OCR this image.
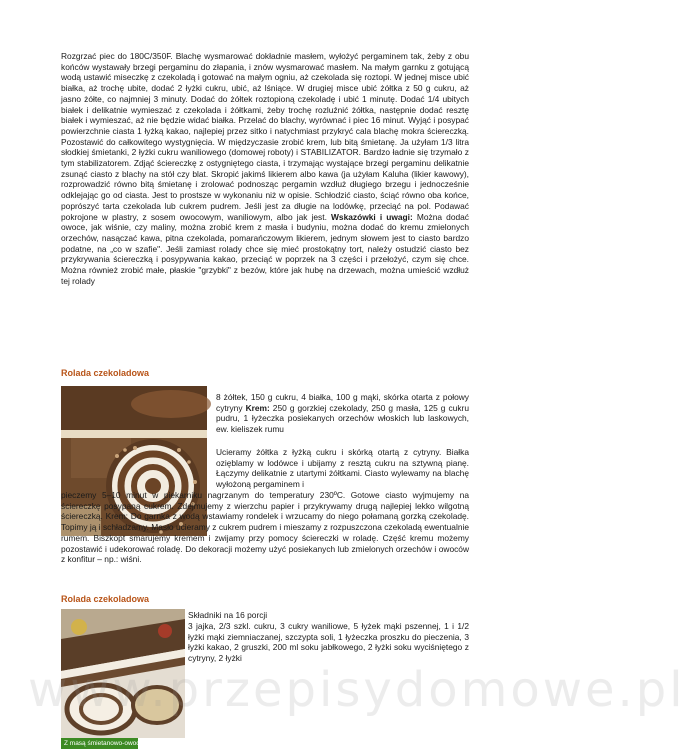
Rozgrzać piec do 180C/350F. Blachę wysmarować dokładnie masłem, wyłożyć pergaminem tak, żeby z obu końców wystawały brzegi pergaminu do złapania, i znów wysmarować masłem. Na małym garnku z gotującą wodą ustawić miseczkę z czekoladą i gotować na małym ogniu, aż czekolada się roztopi. W jednej misce ubić białka, aż trochę ubite, dodać 2 łyżki cukru, ubić, aż lśniące. W drugiej misce ubić żółtka z 50 g cukru, aż jasno żółte, co najmniej 3 minuty. Dodać do żółtek roztopioną czekoladę i ubić 1 minutę. Dodać 1/4 ubitych białek i delikatnie wymieszać z czekolada i żółtkami, żeby trochę rozluźnić żółtka, następnie dodać resztę białek i wymieszać, aż nie będzie widać białka. Przelać do blachy, wyrównać i piec 16 minut. Wyjąć i posypać powierzchnie ciasta 1 łyżką kakao, najlepiej przez sitko i natychmiast przykryć cala blachę mokra ściereczką. Pozostawić do całkowitego wystygnięcia. W międzyczasie zrobić krem, lub bitą śmietanę. Ja użyłam 1/3 litra słodkiej śmietanki, 2 łyżki cukru waniliowego (domowej roboty) i STABILIZATOR. Bardzo ładnie się trzymało z tym stabilizatorem. Zdjąć ściereczkę z ostygniętego ciasta, i trzymając wystające brzegi pergaminu delikatnie zsunąć ciasto z blachy na stół czy blat. Skropić jakimś likierem albo kawa (ja użyłam Kaluha (likier kawowy), rozprowadzić równo bitą śmietanę i zrolować podnosząc pergamin wzdłuż długiego brzegu i jednocześnie odklejając go od ciasta. Jest to prostsze w wykonaniu niż w opisie. Schłodzić ciasto, ściąć równo oba końce, poprószyć tarta czekolada lub cukrem pudrem. Jeśli jest za długie na lodówkę, przeciąć na pol. Podawać pokrojone w plastry, z sosem owocowym, waniliowym, albo jak jest. Wskazówki i uwagi: Można dodać owoce, jak wiśnie, czy maliny, można zrobić krem z masła i budyniu, można dodać do kremu zmielonych orzechów, nasączać kawa, pitna czekolada, pomarańczowym likierem, jednym słowem jest to ciasto bardzo podatne, na „co w szafie". Jeśli zamiast rolady chce się mieć prostokątny tort, należy ostudzić ciasto bez przykrywania ściereczką i posypywania kakao, przeciąć w poprzek na 3 części i przełożyć, czym się chce. Można również zrobić małe, płaskie "grzybki" z bezów, które jak hubę na drzewach, można umieścić wzdłuż tej rolady

Rolada czekoladowa

8 żółtek, 150 g cukru, 4 białka, 100 g mąki, skórka otarta z połowy cytryny Krem: 250 g gorzkiej czekolady, 250 g masła, 125 g cukru pudru, 1 łyżeczka posiekanych orzechów włoskich lub laskowych, ew. kieliszek rumu

Ucieramy żółtka z łyżką cukru i skórką otartą z cytryny. Białka ozięblamy w lodówce i ubijamy z resztą cukru na sztywną pianę. Łączymy delikatnie z utartymi żółtkami. Ciasto wylewamy na blachę wyłożoną pergaminem i

pieczemy 5–10 minut w piekarniku nagrzanym do temperatury 230ºC. Gotowe ciasto wyjmujemy na ściereczkę posypaną cukrem. Zdejmujemy z wierzchu papier i przykrywamy drugą najlepiej lekko wilgotną ściereczką. Krem: Do garnka z wodą wstawiamy rondelek i wrzucamy do niego połamaną gorzką czekoladę. Topimy ją i schładzamy. Masło ucieramy z cukrem pudrem i mieszamy z rozpuszczona czekoladą ewentualnie rumem. Biszkopt smarujemy kremem i zwijamy przy pomocy ściereczki w roladę. Część kremu możemy pozostawić i udekorować roladę. Do dekoracji możemy użyć posiekanych lub zmielonych orzechów i owoców z konfitur – np.: wiśni.

Rolada czekoladowa

Z masą śmietanowo-owocową

Składniki na 16 porcji

3 jajka, 2/3 szkl. cukru, 3 cukry waniliowe, 5 łyżek mąki pszennej, 1 i 1/2 łyżki mąki ziemniaczanej, szczypta soli, 1 łyżeczka proszku do pieczenia, 3 łyżki kakao, 2 gruszki, 200 ml soku jabłkowego, 2 łyżki soku wyciśniętego z cytryny, 2 łyżki

www.przepisydomowe.pl
